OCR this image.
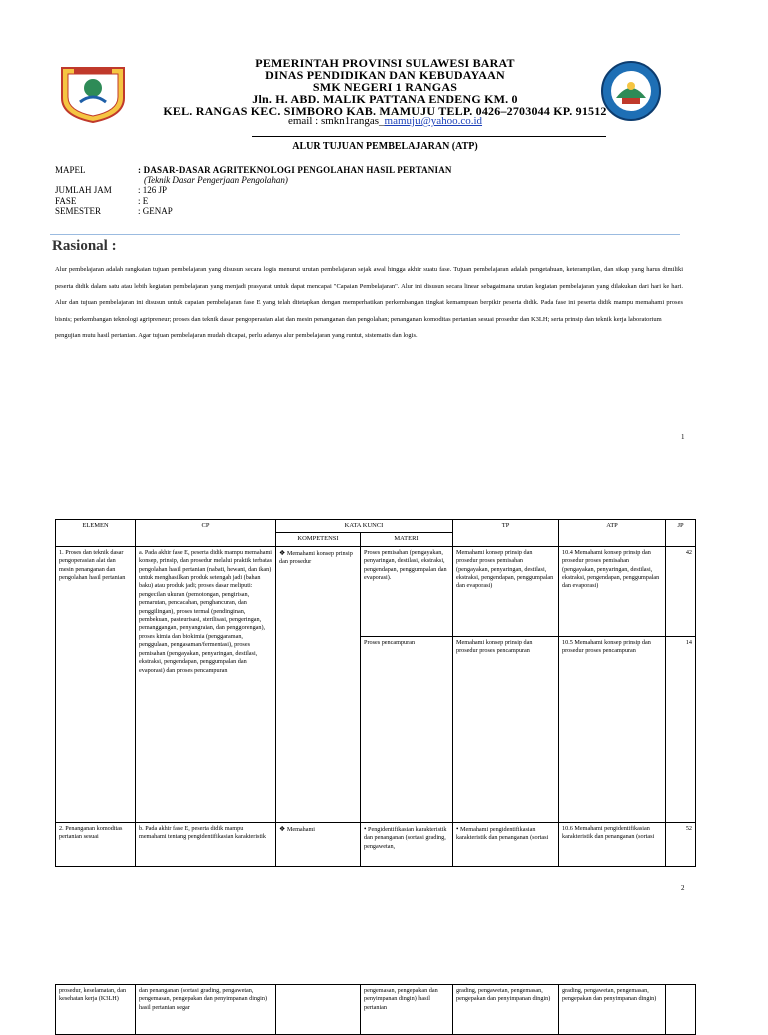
PEMERINTAH PROVINSI SULAWESI BARAT
DINAS PENDIDIKAN DAN KEBUDAYAAN
SMK NEGERI 1 RANGAS
Jln. H. ABD. MALIK PATTANA ENDENG KM. 0
KEL. RANGAS KEC. SIMBORO KAB. MAMUJU TELP. 0426–2703044 KP. 91512
email : smkn1rangas_mamuju@yahoo.co.id
ALUR TUJUAN PEMBELAJARAN (ATP)
MAPEL	: DASAR-DASAR AGRITEKNOLOGI PENGOLAHAN HASIL PERTANIAN
(Teknik Dasar Pengerjaan Pengolahan)
JUMLAH JAM	: 126 JP
FASE	: E
SEMESTER	: GENAP
Rasional :
Alur pembelajaran adalah rangkaian tujuan pembelajaran yang disusun secara logis menurut urutan pembelajaran sejak awal hingga akhir suatu fase. Tujuan pembelajaran adalah pengetahuan, keterampilan, dan sikap yang harus dimiliki peserta didik dalam satu atau lebih kegiatan pembelajaran yang menjadi prasyarat untuk dapat mencapai "Capaian Pembelajaran". Alur ini disusun secara linear sebagaimana urutan kegiatan pembelajaran yang dilakukan dari hari ke hari. Alur dan tujuan pembelajaran ini disusun untuk capaian pembelajaran fase E yang telah ditetapkan dengan memperhatikan perkembangan tingkat kemampuan berpikir peserta didik. Pada fase ini peserta didik mampu memahami proses bisnis; perkembangan teknologi agripreneur; proses dan teknik dasar pengoperasian alat dan mesin penanganan dan pengolahan; penanganan komoditas pertanian sesuai prosedur dan K3LH; serta prinsip dan teknik kerja laboratorium
pengujian mutu hasil pertanian. Agar tujuan pembelajaran mudah dicapai, perlu adanya alur pembelajaran yang runtut, sistematis dan logis.
1
ELEMEN	CP	KATA KUNCI		TP	ATP	JP
		KOMPETENSI	MATERI			
1. Proses dan teknik dasar pengoperasian alat dan mesin penanganan dan pengolahan hasil pertanian	a. Pada akhir fase E, peserta didik mampu memahami konsep, prinsip, dan prosedur melalui praktik terbatas pengolahan hasil pertanian (nabati, hewani, dan ikan) untuk menghasilkan produk setengah jadi (bahan baku) atau produk jadi; proses dasar meliputi: pengecilan ukuran (pemotongan, pengirisan, pemarutan, pencacahan, penghancuran, dan penggilingan), proses termal (pendinginan, pembekuan, pasteurisasi, sterilisasi, pengeringan, pemanggangan, penyangraian, dan penggorengan), proses kimia dan biokimia (penggaraman, penggulaan, pengasaman/fermentasi), proses pemisahan (pengayakan, penyaringan, destilasi, ekstraksi, pengendapan, penggumpalan dan evaporasi) dan proses pencampuran	❖ Memahami konsep prinsip dan prosedur	Proses pemisahan (pengayakan, penyaringan, destilasi, ekstraksi, pengendapan, penggumpalan dan evaporasi).	Memahami konsep prinsip dan prosedur proses pemisahan (pengayakan, penyaringan, destilasi, ekstraksi, pengendapan, penggumpalan dan evaporasi)	10.4 Memahami konsep prinsip dan prosedur proses pemisahan (pengayakan, penyaringan, destilasi, ekstraksi, pengendapan, penggumpalan dan evaporasi)	42
			Proses pencampuran	Memahami konsep prinsip dan prosedur proses pencampuran	10.5 Memahami konsep prinsip dan prosedur proses pencampuran	14
2. Penanganan komoditas pertanian sesuai	b. Pada akhir fase E, peserta didik mampu memahami tentang pengidentifikasian karakteristik	❖ Memahami	• Pengidentifikasian karakteristik dan penanganan (sortasi grading, pengawetan,	• Memahami pengidentifikasian karakteristik dan penanganan (sortasi	10.6 Memahami pengidentifikasian karakteristik dan penanganan (sortasi	52
2
prosedur, keselamatan, dan kesehatan kerja (K3LH)	dan penanganan (sortasi grading, pengawetan, pengemasan, pengepakan dan penyimpanan dingin) hasil pertanian segar		pengemasan, pengepakan dan penyimpanan dingin) hasil pertanian	grading, pengawetan, pengemasan, pengepakan dan penyimpanan dingin)	grading, pengawetan, pengemasan, pengepakan dan penyimpanan dingin)	
